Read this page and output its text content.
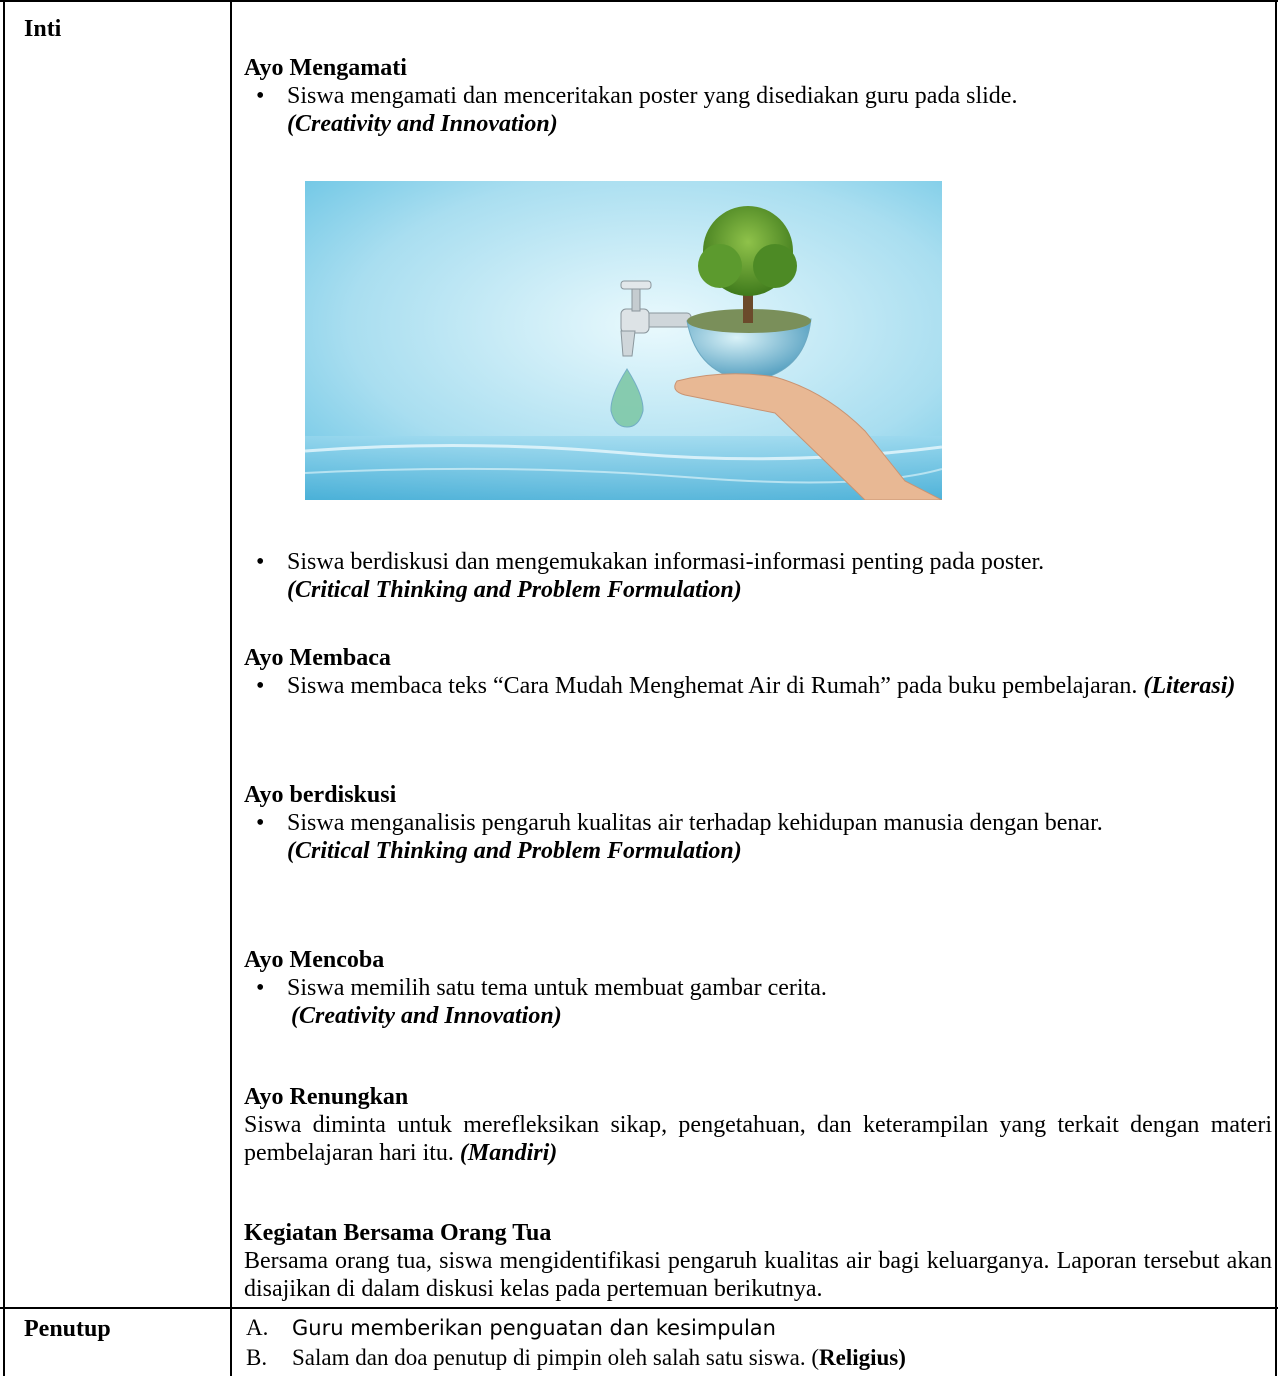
Inti
Penutup
Ayo Mengamati
• Siswa mengamati dan menceritakan poster yang disediakan guru pada slide.
(Creativity and Innovation)
• Siswa berdiskusi dan mengemukakan informasi-informasi penting pada poster.
(Critical Thinking and Problem Formulation)
Ayo Membaca
• Siswa membaca teks “Cara Mudah Menghemat Air di Rumah” pada buku pembelajaran. (Literasi)
Ayo berdiskusi
• Siswa menganalisis pengaruh kualitas air terhadap kehidupan manusia dengan benar.
(Critical Thinking and Problem Formulation)
Ayo Mencoba
• Siswa memilih satu tema untuk membuat gambar cerita.
(Creativity and Innovation)
Ayo Renungkan
Siswa diminta untuk merefleksikan sikap, pengetahuan, dan keterampilan yang terkait dengan materi pembelajaran hari itu. (Mandiri)
Kegiatan Bersama Orang Tua
Bersama orang tua, siswa mengidentifikasi pengaruh kualitas air bagi keluarganya. Laporan tersebut akan disajikan di dalam diskusi kelas pada pertemuan berikutnya.
A. Guru memberikan penguatan dan kesimpulan
B. Salam dan doa penutup di pimpin oleh salah satu siswa. (Religius)
